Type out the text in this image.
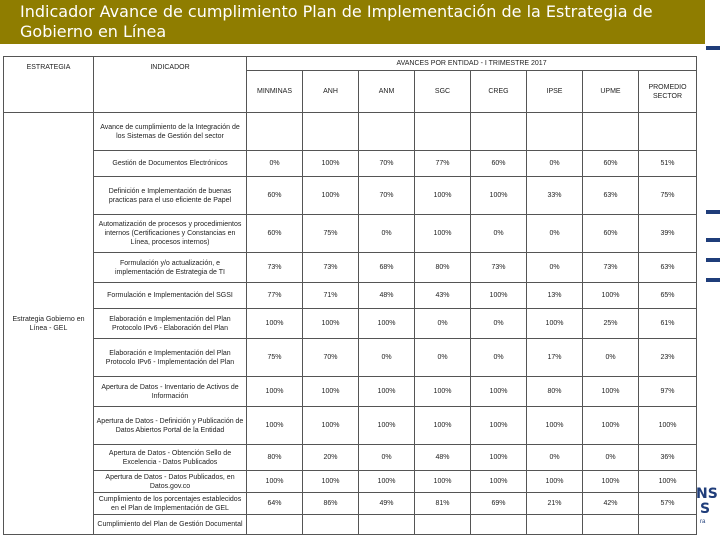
Indicador Avance de cumplimiento Plan de Implementación de la Estrategia de Gobierno en Línea
NS
S
ra
ESTRATEGIA	INDICADOR	AVANCES POR ENTIDAD - I TRIMESTRE 2017							
		MINMINAS	ANH	ANM	SGC	CREG	IPSE	UPME	PROMEDIO SECTOR
Estrategia Gobierno en Línea - GEL	Avance de cumplimiento de la Integración de los Sistemas de Gestión del sector								
	Gestión de Documentos Electrónicos	0%	100%	70%	77%	60%	0%	60%	51%
	Definición e Implementación de buenas practicas para el uso eficiente de Papel	60%	100%	70%	100%	100%	33%	63%	75%
	Automatización de procesos y procedimientos internos (Certificaciones y Constancias en Línea, procesos internos)	60%	75%	0%	100%	0%	0%	60%	39%
	Formulación y/o actualización, e implementación de Estrategia de TI	73%	73%	68%	80%	73%	0%	73%	63%
	Formulación e Implementación del SGSI	77%	71%	48%	43%	100%	13%	100%	65%
	Elaboración e Implementación del Plan Protocolo IPv6 - Elaboración del Plan	100%	100%	100%	0%	0%	100%	25%	61%
	Elaboración e Implementación del Plan Protocolo IPv6 - Implementación del Plan	75%	70%	0%	0%	0%	17%	0%	23%
	Apertura de Datos - Inventario de Activos de Información	100%	100%	100%	100%	100%	80%	100%	97%
	Apertura de Datos - Definición y Publicación de Datos Abiertos Portal de la Entidad	100%	100%	100%	100%	100%	100%	100%	100%
	Apertura de Datos - Obtención Sello de Excelencia - Datos Publicados	80%	20%	0%	48%	100%	0%	0%	36%
	Apertura de Datos - Datos Publicados, en Datos.gov.co	100%	100%	100%	100%	100%	100%	100%	100%
	Cumplimiento de los porcentajes establecidos en el Plan de Implementación de GEL	64%	86%	49%	81%	69%	21%	42%	57%
	Cumplimiento del Plan de Gestión Documental								
